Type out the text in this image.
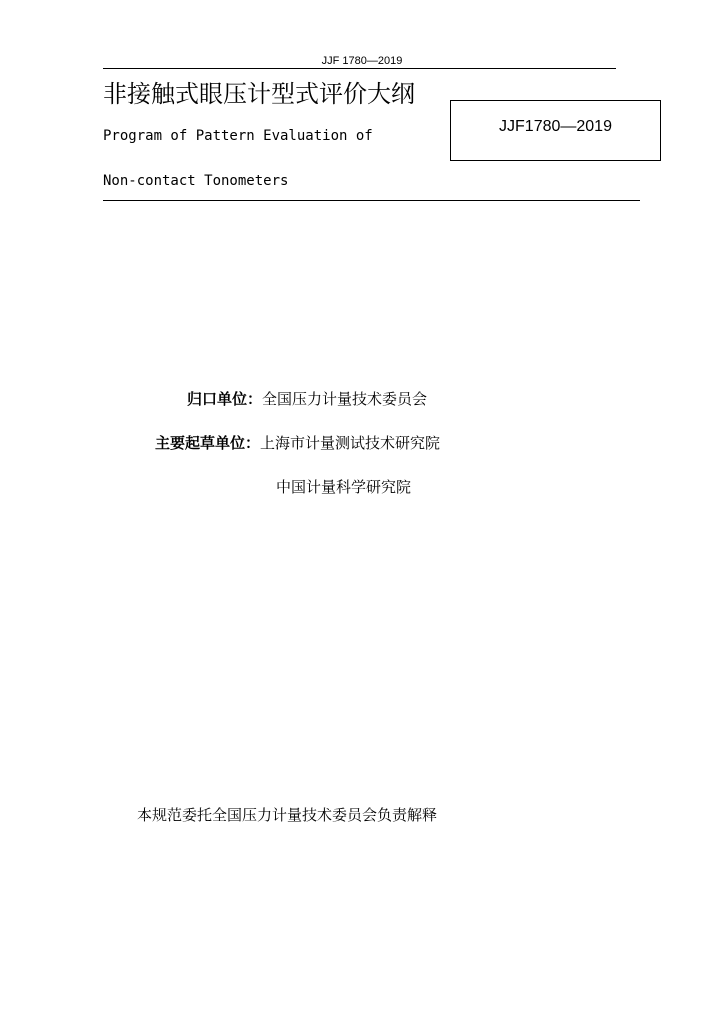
JJF 1780—2019
非接触式眼压计型式评价大纲
JJF1780—2019
Program of Pattern Evaluation of
Non-contact Tonometers
归口单位：全国压力计量技术委员会
主要起草单位：上海市计量测试技术研究院
中国计量科学研究院
本规范委托全国压力计量技术委员会负责解释
